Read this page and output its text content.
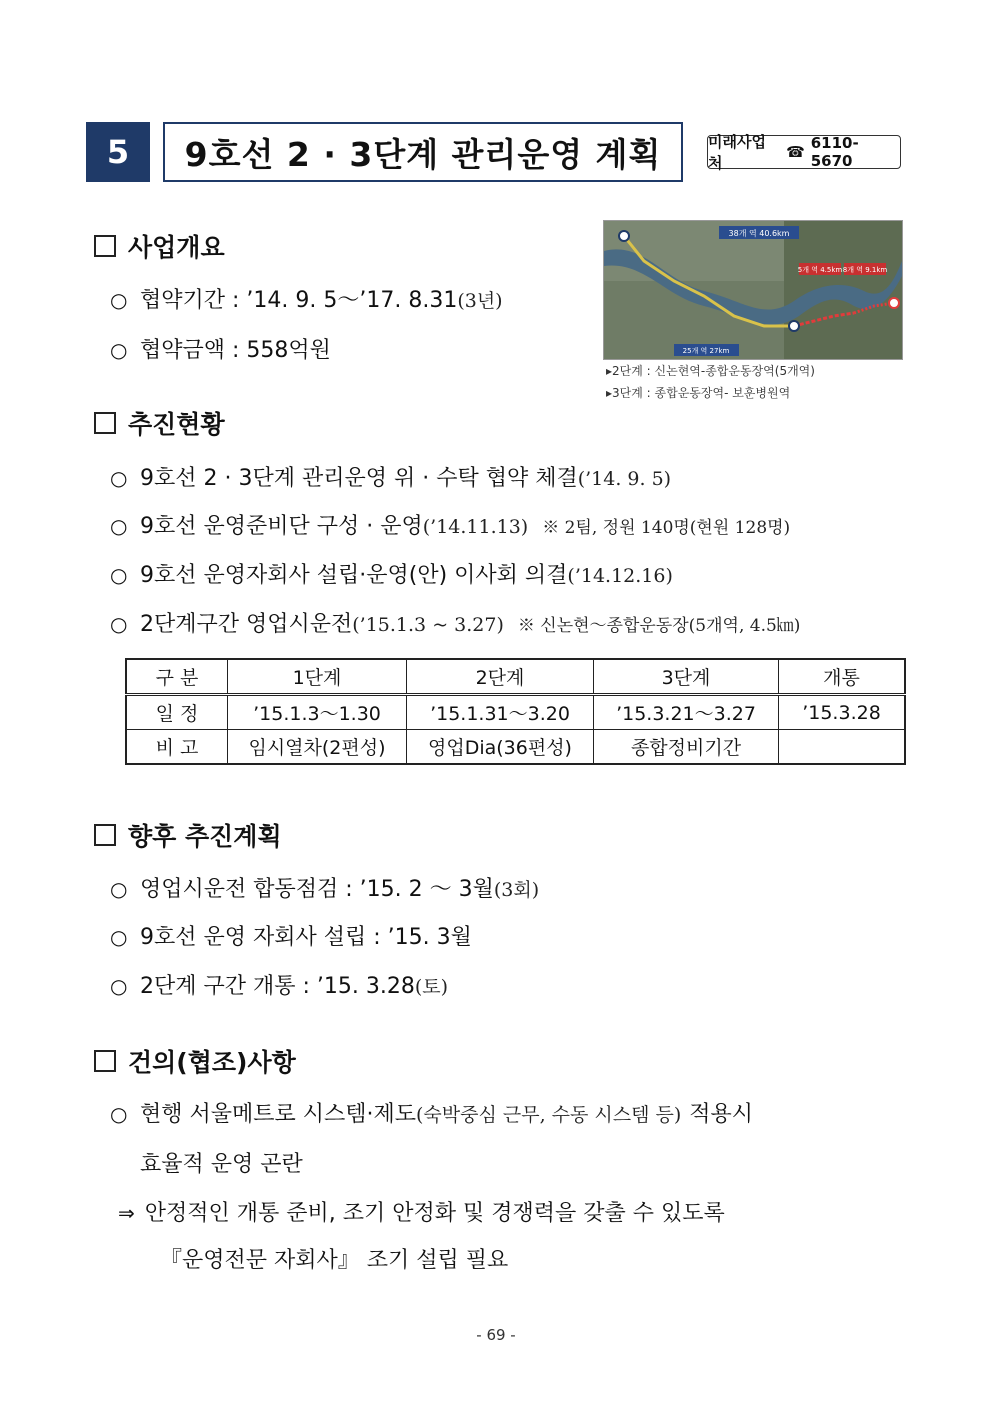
5	9호선 2 · 3단계 관리운영 계획	미래사업처
☎ 6110-5670
사업개요
○ 협약기간 : ’14. 9. 5～’17. 8.31 (3년)
○ 협약금액 : 558억원
38개 역 40.6km
5개 역 4.5km 8개 역 9.1km
25개 역 27km
▸2단계 : 신논현역-종합운동장역(5개역)
▸3단계 : 종합운동장역- 보훈병원역
추진현황
○ 9호선 2 · 3단계 관리운영 위 · 수탁 협약 체결 (’14. 9. 5)
○ 9호선 운영준비단 구성 · 운영 (’14.11.13) ※ 2팀, 정원 140명(현원 128명)
○ 9호선 운영자회사 설립·운영(안) 이사회 의결 (’14.12.16)
○ 2단계구간 영업시운전 (’15.1.3 ~ 3.27) ※ 신논현～종합운동장(5개역, 4.5㎞)
구 분	1단계	2단계	3단계	개통
일 정	’15.1.3～1.30	’15.1.31～3.20	’15.3.21～3.27	’15.3.28
비 고	임시열차(2편성)	영업Dia(36편성)	종합정비기간	
향후 추진계획
○ 영업시운전 합동점검 : ’15. 2 ～ 3월 (3회)
○ 9호선 운영 자회사 설립 : ’15. 3월
○ 2단계 구간 개통 : ’15. 3.28 (토)
건의(협조)사항
○ 현행 서울메트로 시스템·제도 (숙박중심 근무, 수동 시스템 등) 적용시
효율적 운영 곤란
⇒ 안정적인 개통 준비, 조기 안정화 및 경쟁력을 갖출 수 있도록
『운영전문 자회사』 조기 설립 필요
- 69 -
